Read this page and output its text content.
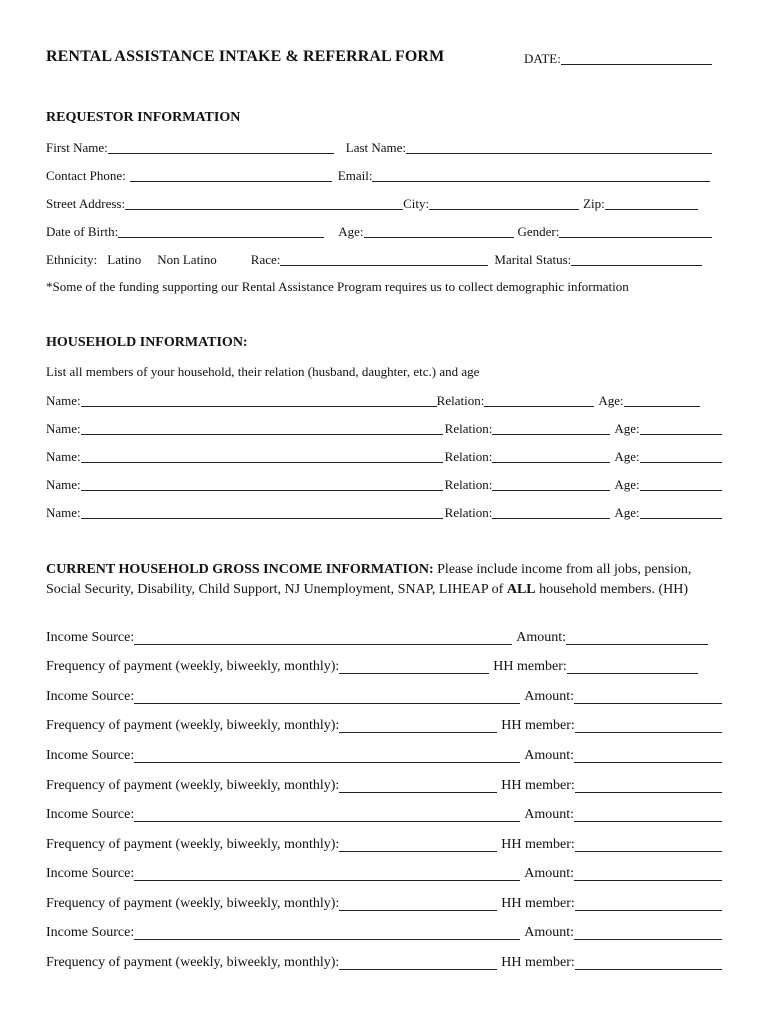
RENTAL ASSISTANCE INTAKE & REFERRAL FORM	DATE:
REQUESTOR INFORMATION
First Name:	Last Name:
Contact Phone:	Email:
Street Address:	City:	Zip:
Date of Birth:	Age:	Gender:
Ethnicity: Latino Non Latino	Race:	Marital Status:
*Some of the funding supporting our Rental Assistance Program requires us to collect demographic information
HOUSEHOLD INFORMATION:
List all members of your household, their relation (husband, daughter, etc.) and age
Name:	Relation:	Age:
Name:	Relation:	Age:
Name:	Relation:	Age:
Name:	Relation:	Age:
Name:	Relation:	Age:
CURRENT HOUSEHOLD GROSS INCOME INFORMATION: Please include income from all jobs, pension, Social Security, Disability, Child Support, NJ Unemployment, SNAP, LIHEAP of ALL household members. (HH)
Income Source:	Amount:
Frequency of payment (weekly, biweekly, monthly):	HH member:
Income Source:	Amount:
Frequency of payment (weekly, biweekly, monthly):	HH member:
Income Source:	Amount:
Frequency of payment (weekly, biweekly, monthly):	HH member:
Income Source:	Amount:
Frequency of payment (weekly, biweekly, monthly):	HH member:
Income Source:	Amount:
Frequency of payment (weekly, biweekly, monthly):	HH member:
Income Source:	Amount:
Frequency of payment (weekly, biweekly, monthly):	HH member:
